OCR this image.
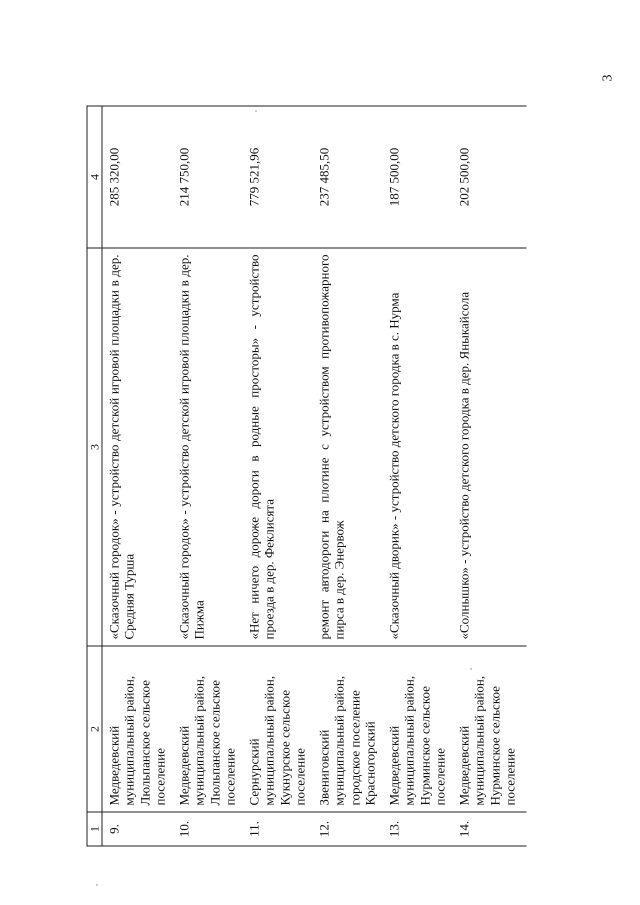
3
1	2	3	4
9.	Медведевский муниципальный район, Люльпанское сельское поселение	«Сказочный городок» - устройство детской игровой площадки в дер. Средняя Турша	285 320,00
10.	Медведевский муниципальный район, Люльпанское сельское поселение	«Сказочный городок» - устройство детской игровой площадки в дер. Пижма	214 750,00
11.	Сернурский муниципальный район, Кукнурское сельское поселение	«Нет ничего дороже дороги в родные просторы» - устройство проезда в дер. Феклисята	779 521,96
12.	Звениговский муниципальный район, городское поселение Красногорский	ремонт автодороги на плотине с устройством противопожарного пирса в дер. Энервож	237 485,50
13.	Медведевский муниципальный район, Нурминское сельское поселение	«Сказочный дворик» - устройство детского городка в с. Нурма	187 500,00
14.	Медведевский муниципальный район, Нурминское сельское поселение	«Солнышко» - устройство детского городка в дер. Яныкайсола	202 500,00
